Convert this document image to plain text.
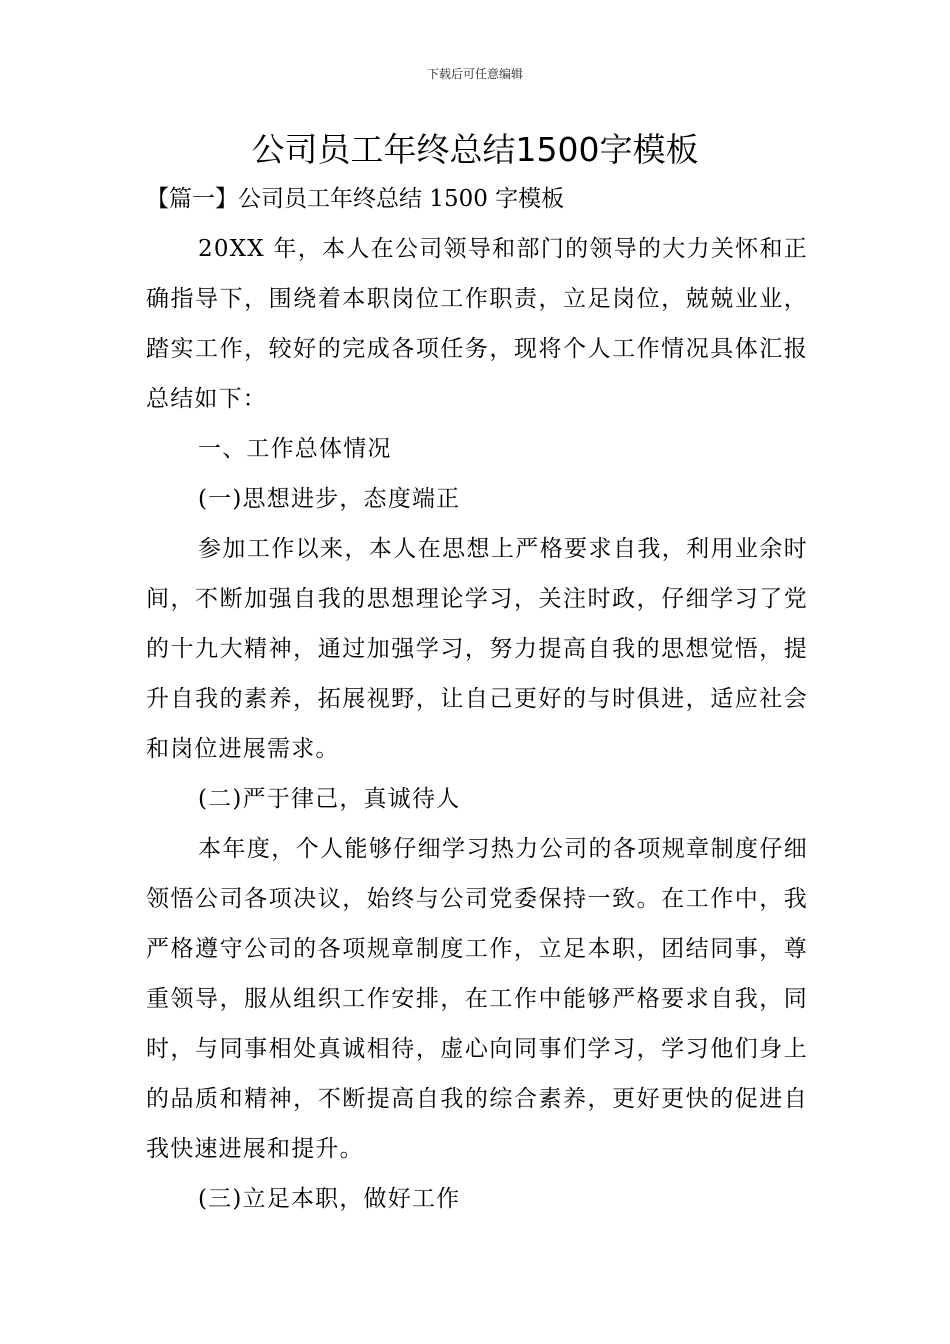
下载后可任意编辑
公司员工年终总结1500字模板
【篇一】公司员工年终总结 1500 字模板

20XX 年，本人在公司领导和部门的领导的大力关怀和正确指导下，围绕着本职岗位工作职责，立足岗位，兢兢业业，踏实工作，较好的完成各项任务，现将个人工作情况具体汇报总结如下：

一、工作总体情况

(一)思想进步，态度端正

参加工作以来，本人在思想上严格要求自我，利用业余时间，不断加强自我的思想理论学习，关注时政，仔细学习了党的十九大精神，通过加强学习，努力提高自我的思想觉悟，提升自我的素养，拓展视野，让自己更好的与时俱进，适应社会和岗位进展需求。

(二)严于律己，真诚待人

本年度，个人能够仔细学习热力公司的各项规章制度仔细领悟公司各项决议，始终与公司党委保持一致。在工作中，我严格遵守公司的各项规章制度工作，立足本职，团结同事，尊重领导，服从组织工作安排，在工作中能够严格要求自我，同时，与同事相处真诚相待，虚心向同事们学习，学习他们身上的品质和精神，不断提高自我的综合素养，更好更快的促进自我快速进展和提升。

(三)立足本职，做好工作
